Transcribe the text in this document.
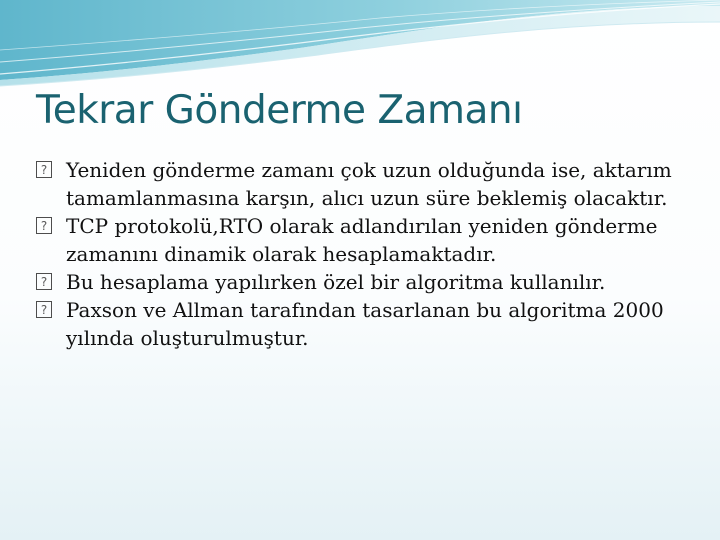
Tekrar Gönderme Zamanı
? Yeniden gönderme zamanı çok uzun olduğunda ise, aktarım tamamlanmasına karşın, alıcı uzun süre beklemiş olacaktır.
? TCP protokolü,RTO olarak adlandırılan yeniden gönderme zamanını dinamik olarak hesaplamaktadır.
? Bu hesaplama yapılırken özel bir algoritma kullanılır.
? Paxson ve Allman tarafından tasarlanan bu algoritma 2000 yılında oluşturulmuştur.
